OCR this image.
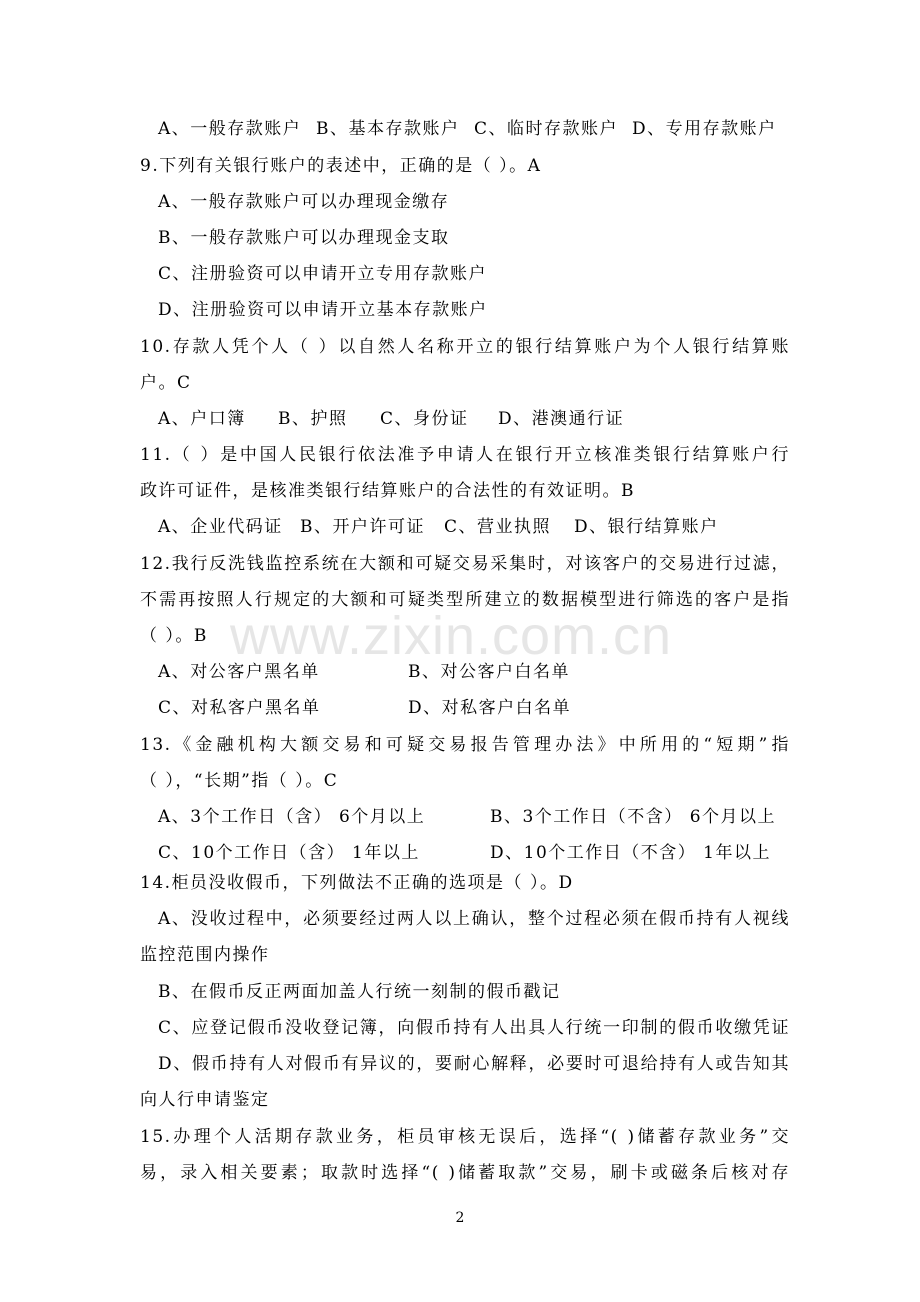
www.zixin.com.cn
A、一般存款账户 B、基本存款账户 C、临时存款账户 D、专用存款账户
9.下列有关银行账户的表述中，正确的是（ ）。A
A、一般存款账户可以办理现金缴存
B、一般存款账户可以办理现金支取
C、注册验资可以申请开立专用存款账户
D、注册验资可以申请开立基本存款账户
10.存款人凭个人（ ）以自然人名称开立的银行结算账户为个人银行结算账
户。C
A、户口簿 B、护照 C、身份证 D、港澳通行证
11.（ ）是中国人民银行依法准予申请人在银行开立核准类银行结算账户行
政许可证件，是核准类银行结算账户的合法性的有效证明。B
A、企业代码证 B、开户许可证 C、营业执照 D、银行结算账户
12.我行反洗钱监控系统在大额和可疑交易采集时，对该客户的交易进行过滤，
不需再按照人行规定的大额和可疑类型所建立的数据模型进行筛选的客户是指
（ ）。B
A、对公客户黑名单	B、对公客户白名单
C、对私客户黑名单	D、对私客户白名单
13.《金融机构大额交易和可疑交易报告管理办法》中所用的“短期”指
（ ），“长期”指（ ）。C
A、3个工作日（含） 6个月以上	B、3个工作日（不含） 6个月以上
C、10个工作日（含） 1年以上	D、10个工作日（不含） 1年以上
14.柜员没收假币，下列做法不正确的选项是（ ）。D
A、没收过程中，必须要经过两人以上确认，整个过程必须在假币持有人视线
监控范围内操作
B、在假币反正两面加盖人行统一刻制的假币戳记
C、应登记假币没收登记簿，向假币持有人出具人行统一印制的假币收缴凭证
D、假币持有人对假币有异议的，要耐心解释，必要时可退给持有人或告知其
向人行申请鉴定
15.办理个人活期存款业务，柜员审核无误后，选择“( )储蓄存款业务”交
易，录入相关要素；取款时选择“( )储蓄取款”交易，刷卡或磁条后核对存
2
